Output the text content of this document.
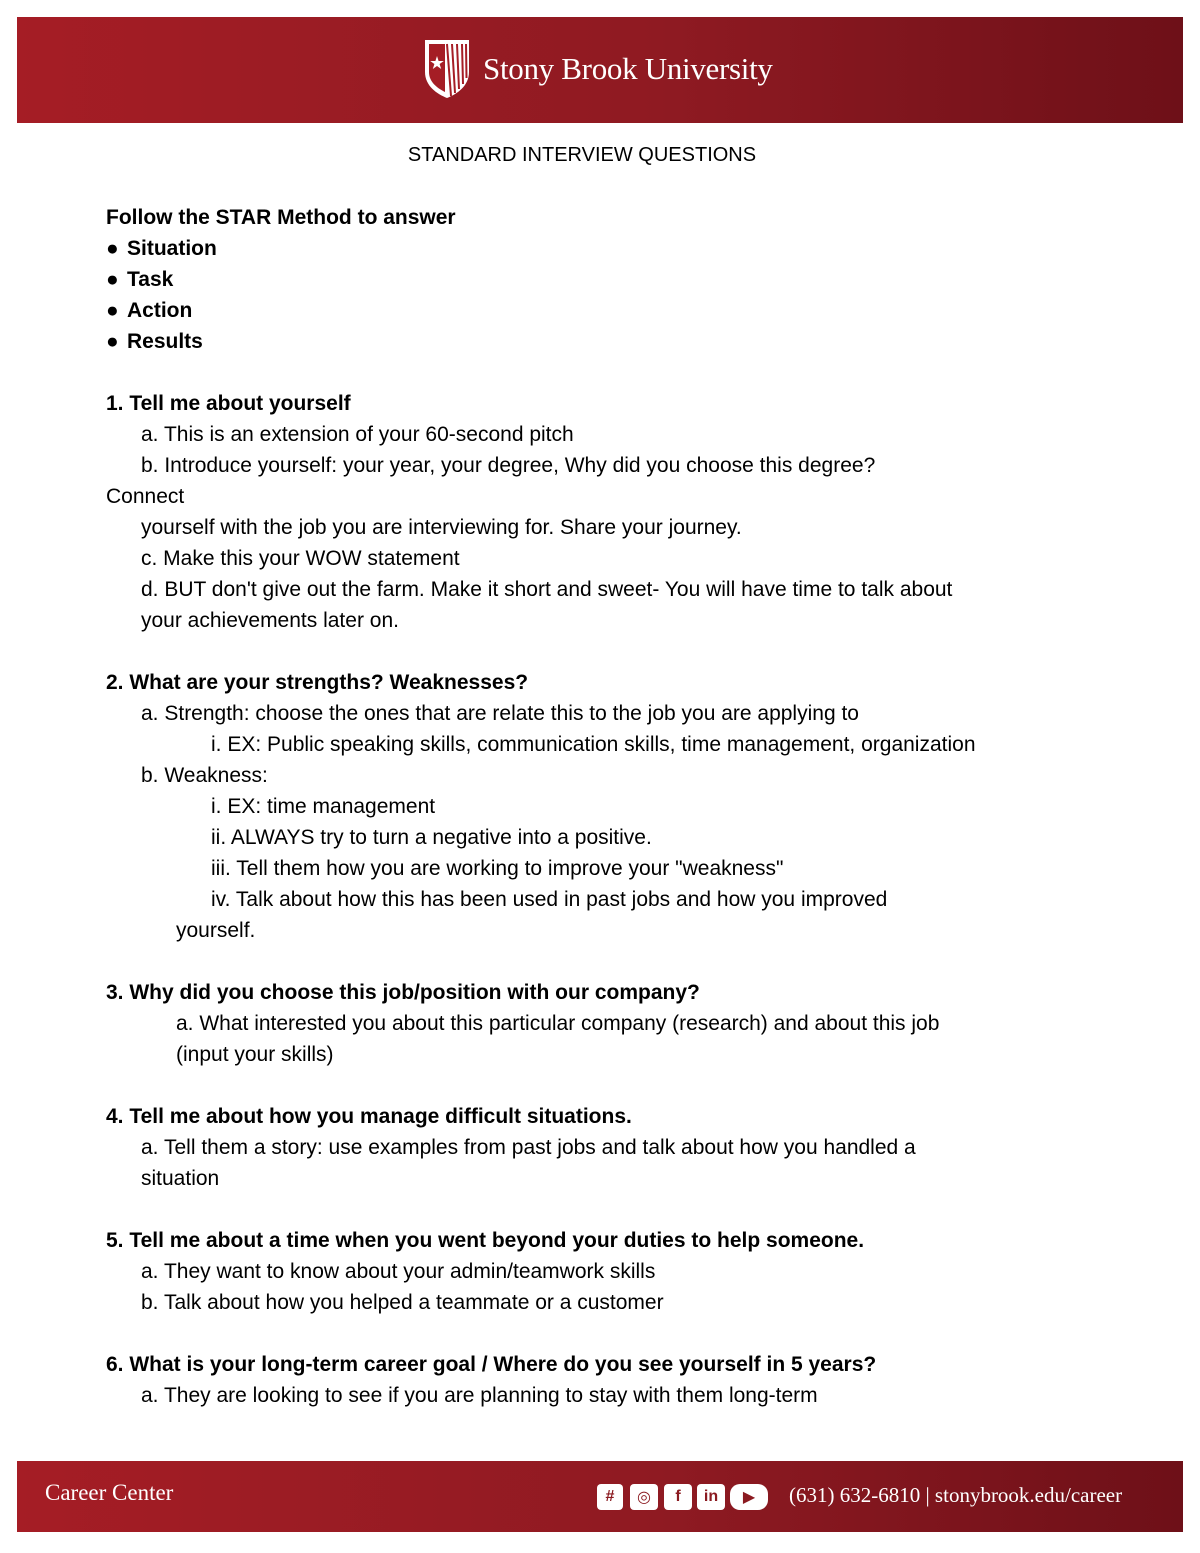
Stony Brook University
STANDARD INTERVIEW QUESTIONS
Follow the STAR Method to answer
● Situation
● Task
● Action
● Results
1. Tell me about yourself
a. This is an extension of your 60-second pitch
b. Introduce yourself: your year, your degree, Why did you choose this degree?
Connect
yourself with the job you are interviewing for. Share your journey.
c. Make this your WOW statement
d. BUT don't give out the farm. Make it short and sweet- You will have time to talk about
your achievements later on.
2. What are your strengths? Weaknesses?
a. Strength: choose the ones that are relate this to the job you are applying to
i. EX: Public speaking skills, communication skills, time management, organization
b. Weakness:
i. EX: time management
ii. ALWAYS try to turn a negative into a positive.
iii. Tell them how you are working to improve your "weakness"
iv. Talk about how this has been used in past jobs and how you improved
yourself.
3. Why did you choose this job/position with our company?
a. What interested you about this particular company (research) and about this job
(input your skills)
4. Tell me about how you manage difficult situations.
a. Tell them a story: use examples from past jobs and talk about how you handled a
situation
5. Tell me about a time when you went beyond your duties to help someone.
a. They want to know about your admin/teamwork skills
b. Talk about how you helped a teammate or a customer
6. What is your long-term career goal / Where do you see yourself in 5 years?
a. They are looking to see if you are planning to stay with them long-term
Career Center	#	◎	f	in	▶	(631) 632-6810 | stonybrook.edu/career
